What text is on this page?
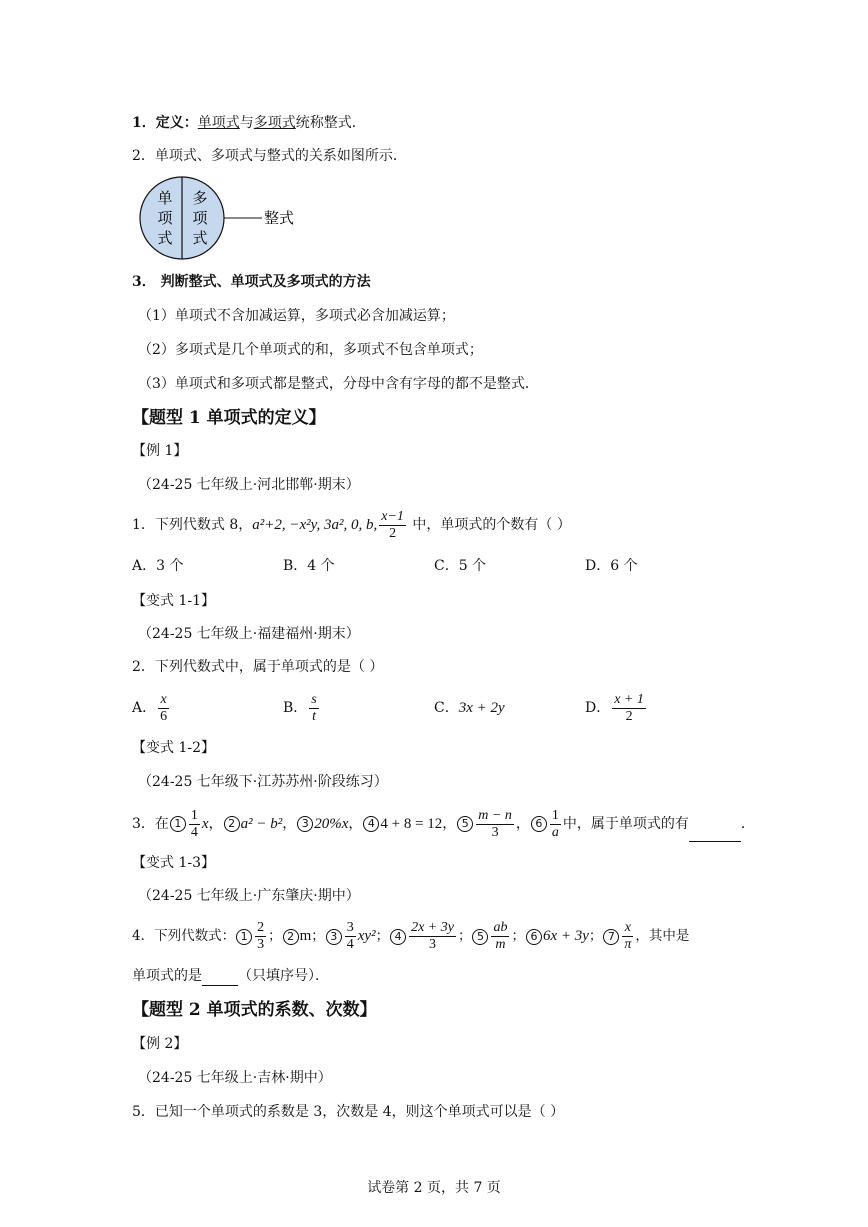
1．定义：单项式与多项式统称整式．
2．单项式、多项式与整式的关系如图所示．
单
项
式
多
项
式
整式
3． 判断整式、单项式及多项式的方法
（1）单项式不含加减运算，多项式必含加减运算；
（2）多项式是几个单项式的和，多项式不包含单项式；
（3）单项式和多项式都是整式，分母中含有字母的都不是整式．
【题型 1 单项式的定义】
【例 1】
（24-25 七年级上·河北邯郸·期末）
1．下列代数式 8，a²+2, −x²y, 3a², 0, b, $\frac{x-1}{2}$ 中，单项式的个数有（ ）
A．3 个	B．4 个	C．5 个	D．6 个
【变式 1-1】
（24-25 七年级上·福建福州·期末）
2．下列代数式中，属于单项式的是（ ）
A． $\frac{x}{6}$	B． $\frac{s}{t}$	C．3x + 2y	D． $\frac{x + 1}{2}$
【变式 1-2】
（24-25 七年级下·江苏苏州·阶段练习）
3．在 $1 \frac{1}{4}$ x， 2 a² − b²， 3 20%x， 4 4 + 8 = 12， $5 \frac{m - n}{3}$ ， $6 \frac{1}{a}$ 中，属于单项式的有	．
【变式 1-3】
（24-25 七年级上·广东肇庆·期中）
4．下列代数式： $1 \frac{2}{3}$ ； 2 m； $3 \frac{3}{4} xy^2$； $4 \frac{2x + 3y}{3}$ ； $5 \frac{ab}{m}$ ； 6 6x + 3y； $7 \frac{x}{\pi}$ ，其中是
单项式的是	（只填序号）．
【题型 2 单项式的系数、次数】
【例 2】
（24-25 七年级上·吉林·期中）
5．已知一个单项式的系数是 3，次数是 4，则这个单项式可以是（ ）
试卷第 2 页，共 7 页
